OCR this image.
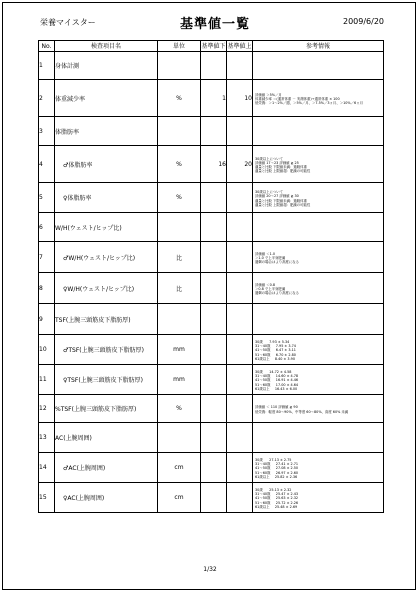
栄養マイスター	基準値一覧	2009/6/20
No.	検査項目名	単位	基準値下	基準値上	参考情報
1	身体計測				

2	体重減少率	%	1	10	評価値 ＞5%／月
体重減少率 ＝(通常体重 － 実測体重)÷通常体重 × 100
低栄養：＞1～2%／週、＞5%／月、＞7.5%／3ヵ月、＞10%／6ヵ月

3	体脂肪率				

4	♂体脂肪率	%	16	20	30歳以上について
評価値 17～23 評価値 ≧ 25
適量と比較 下限値未満：過軽体重
適量と比較 上限値超：肥満の可能性

5	♀体脂肪率	%			30歳以上について
評価値 20～27 評価値 ≧ 30
適量と比較 下限値未満：過軽体重
適量と比較 上限値超：肥満の可能性

6	W/H(ウェスト/ヒップ比)				

7	♂W/H(ウェスト/ヒップ比)	比			評価値 ＜1.0
＞1.0 で上半身肥満
過剰の場合はより高度になる

8	♀W/H(ウェスト/ヒップ比)	比			評価値 ＜0.8
＞0.8 で上半身肥満
過剰の場合はより高度になる

9	TSF(上腕三頭筋皮下脂肪厚)				

10	♂TSF(上腕三頭筋皮下脂肪厚)	mm			30歳      7.93 ± 5.34
31～40歳     7.95 ± 3.74
41～50歳     6.47 ± 3.11
51～60歳     6.70 ± 2.80
61歳以上     8.40 ± 3.90

11	♀TSF(上腕三頭筋皮下脂肪厚)	mm			30歳      14.72 ± 4.58
31～40歳     14.60 ± 4.78
41～50歳     16.91 ± 4.46
51～60歳     17.00 ± 4.64
61歳以上     16.43 ± 6.00

12	%TSF(上腕三頭筋皮下脂肪厚)	%			評価値 ＜ 110 評価値 ≧ 90
低栄養：軽度 80～90%、中等度 60～80%、高度 60% 未満

13	AC(上腕周囲)				

14	♂AC(上腕周囲)	cm			30歳      27.13 ± 2.75
31～40歳     27.41 ± 2.71
41～50歳     27.08 ± 2.50
51～60歳     26.97 ± 2.60
61歳以上     25.82 ± 2.36

15	♀AC(上腕周囲)	cm			30歳      25.13 ± 2.32
31～40歳     25.47 ± 2.43
41～50歳     25.63 ± 2.32
51～60歳     25.72 ± 2.26
61歳以上     25.48 ± 2.69
1/32
